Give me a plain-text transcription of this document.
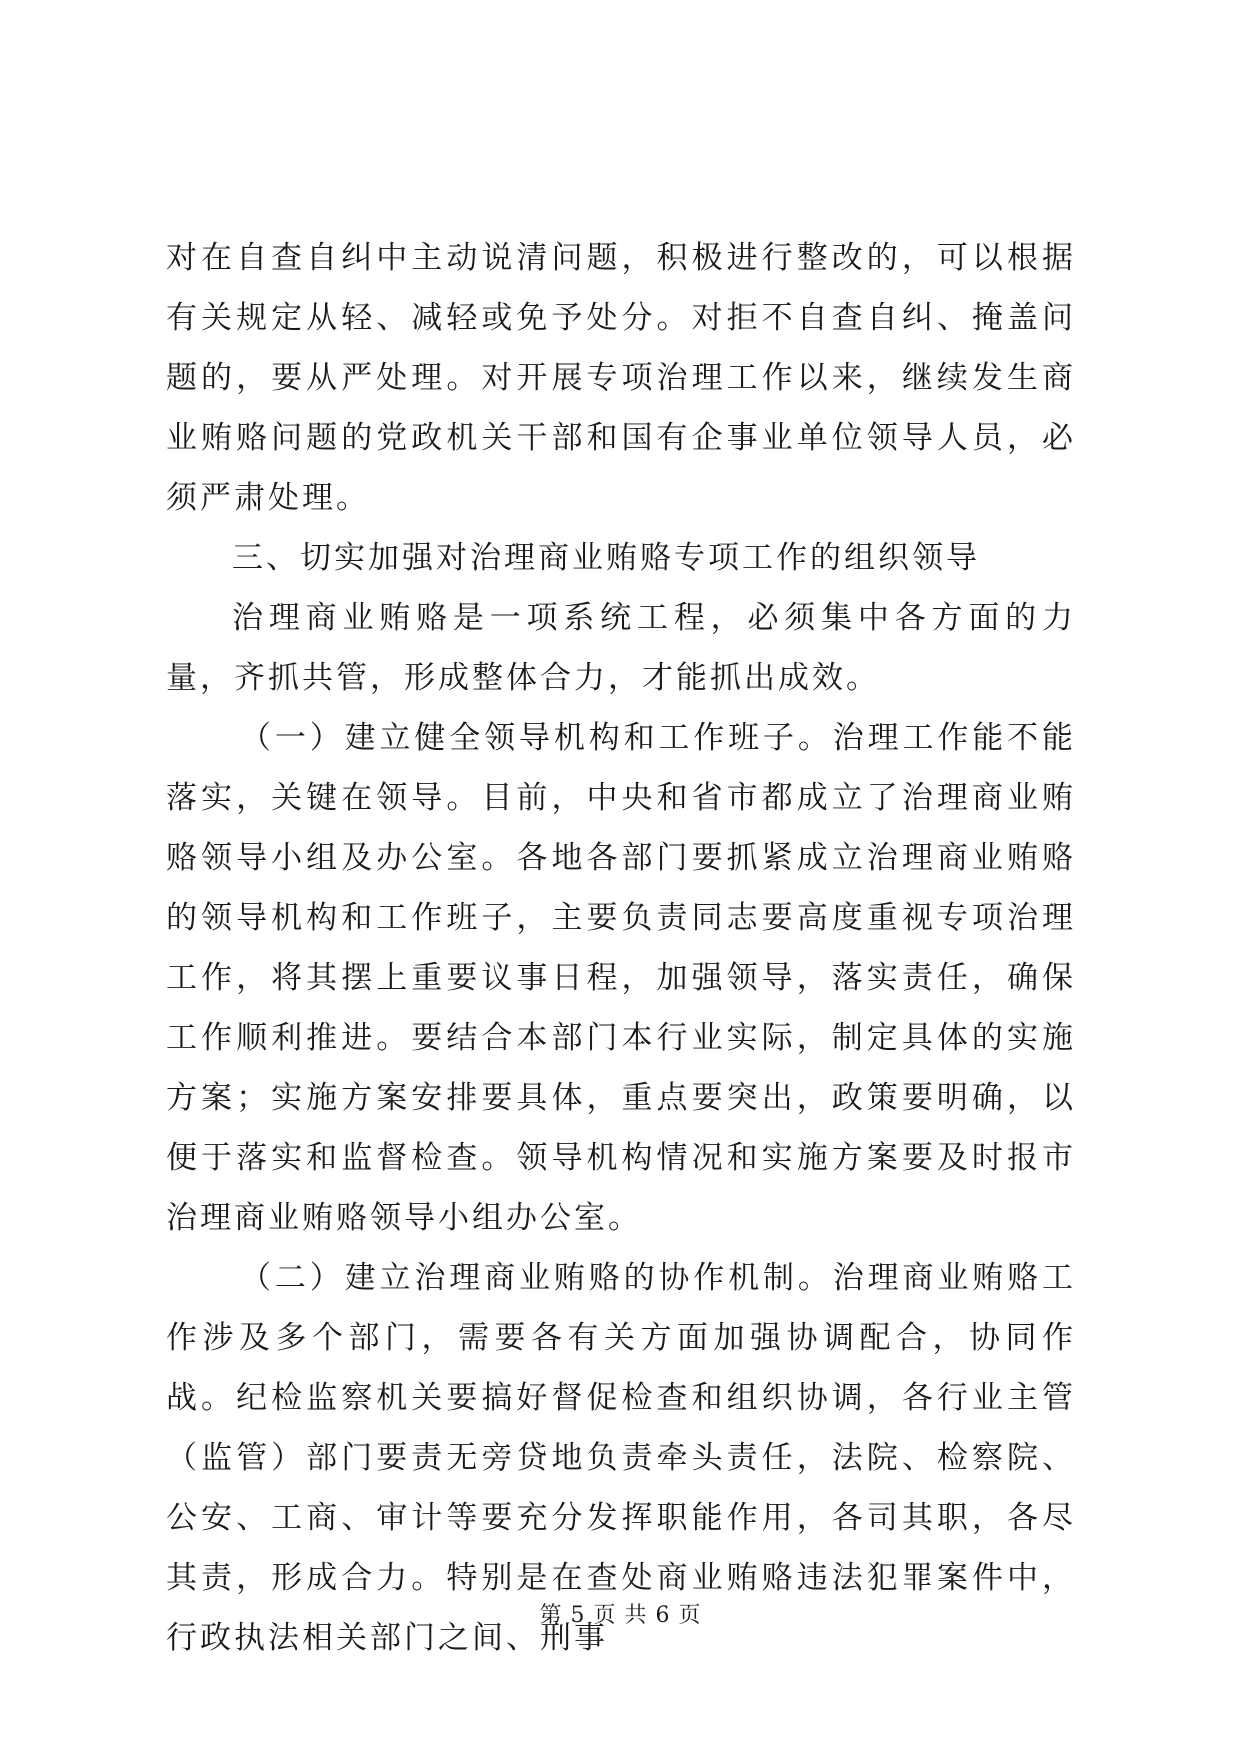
对在自查自纠中主动说清问题，积极进行整改的，可以根据有关规定从轻、减轻或免予处分。对拒不自查自纠、掩盖问题的，要从严处理。对开展专项治理工作以来，继续发生商业贿赂问题的党政机关干部和国有企事业单位领导人员，必须严肃处理。

三、切实加强对治理商业贿赂专项工作的组织领导

治理商业贿赂是一项系统工程，必须集中各方面的力量，齐抓共管，形成整体合力，才能抓出成效。

（一）建立健全领导机构和工作班子。治理工作能不能落实，关键在领导。目前，中央和省市都成立了治理商业贿赂领导小组及办公室。各地各部门要抓紧成立治理商业贿赂的领导机构和工作班子，主要负责同志要高度重视专项治理工作，将其摆上重要议事日程，加强领导，落实责任，确保工作顺利推进。要结合本部门本行业实际，制定具体的实施方案；实施方案安排要具体，重点要突出，政策要明确，以便于落实和监督检查。领导机构情况和实施方案要及时报市治理商业贿赂领导小组办公室。

（二）建立治理商业贿赂的协作机制。治理商业贿赂工作涉及多个部门，需要各有关方面加强协调配合，协同作战。纪检监察机关要搞好督促检查和组织协调，各行业主管（监管）部门要责无旁贷地负责牵头责任，法院、检察院、公安、工商、审计等要充分发挥职能作用，各司其职，各尽其责，形成合力。特别是在查处商业贿赂违法犯罪案件中，行政执法相关部门之间、刑事

第 5 页 共 6 页
